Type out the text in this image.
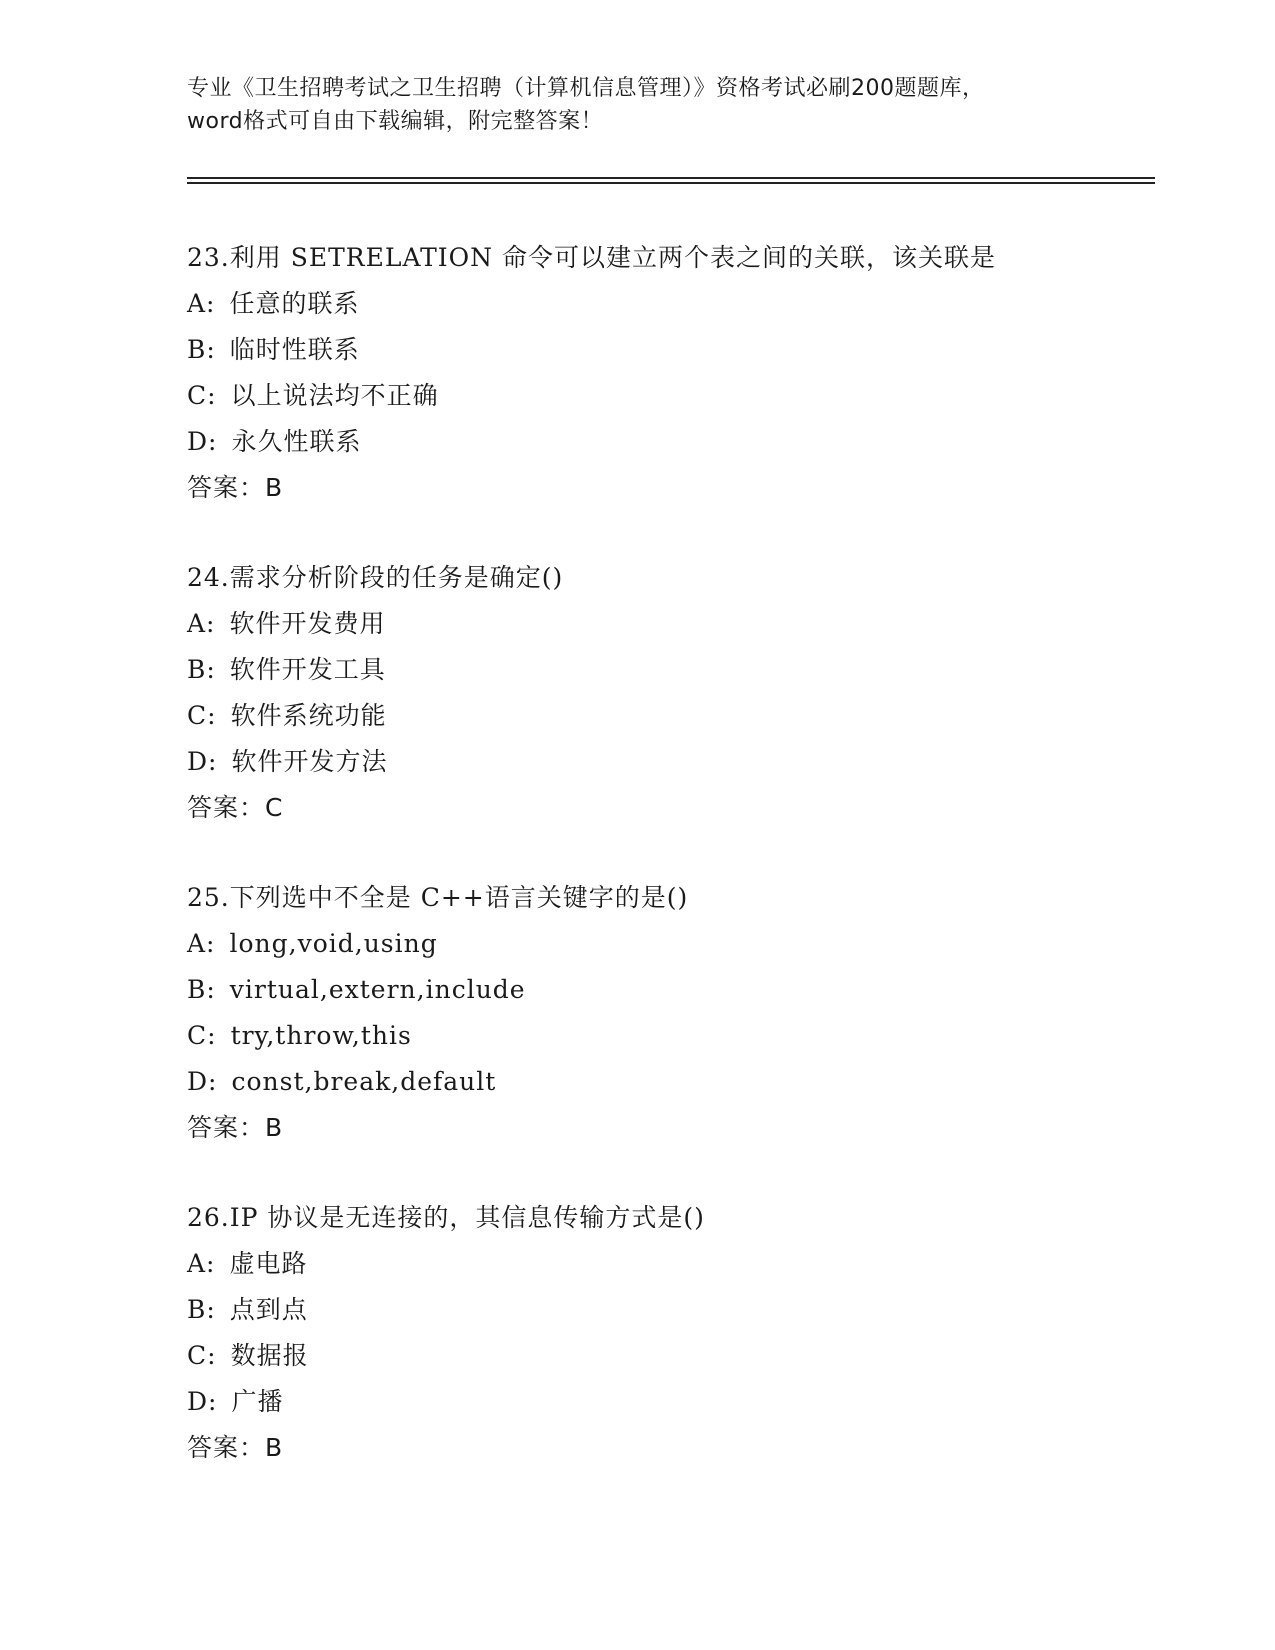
专业《卫生招聘考试之卫生招聘（计算机信息管理）》资格考试必刷200题题库，
word格式可自由下载编辑，附完整答案！
23.利用 SETRELATION 命令可以建立两个表之间的关联，该关联是
A: 任意的联系
B: 临时性联系
C: 以上说法均不正确
D: 永久性联系
答案：B
24.需求分析阶段的任务是确定()
A: 软件开发费用
B: 软件开发工具
C: 软件系统功能
D: 软件开发方法
答案：C
25.下列选中不全是 C++语言关键字的是()
A: long,void,using
B: virtual,extern,include
C: try,throw,this
D: const,break,default
答案：B
26.IP 协议是无连接的，其信息传输方式是()
A: 虚电路
B: 点到点
C: 数据报
D: 广播
答案：B
